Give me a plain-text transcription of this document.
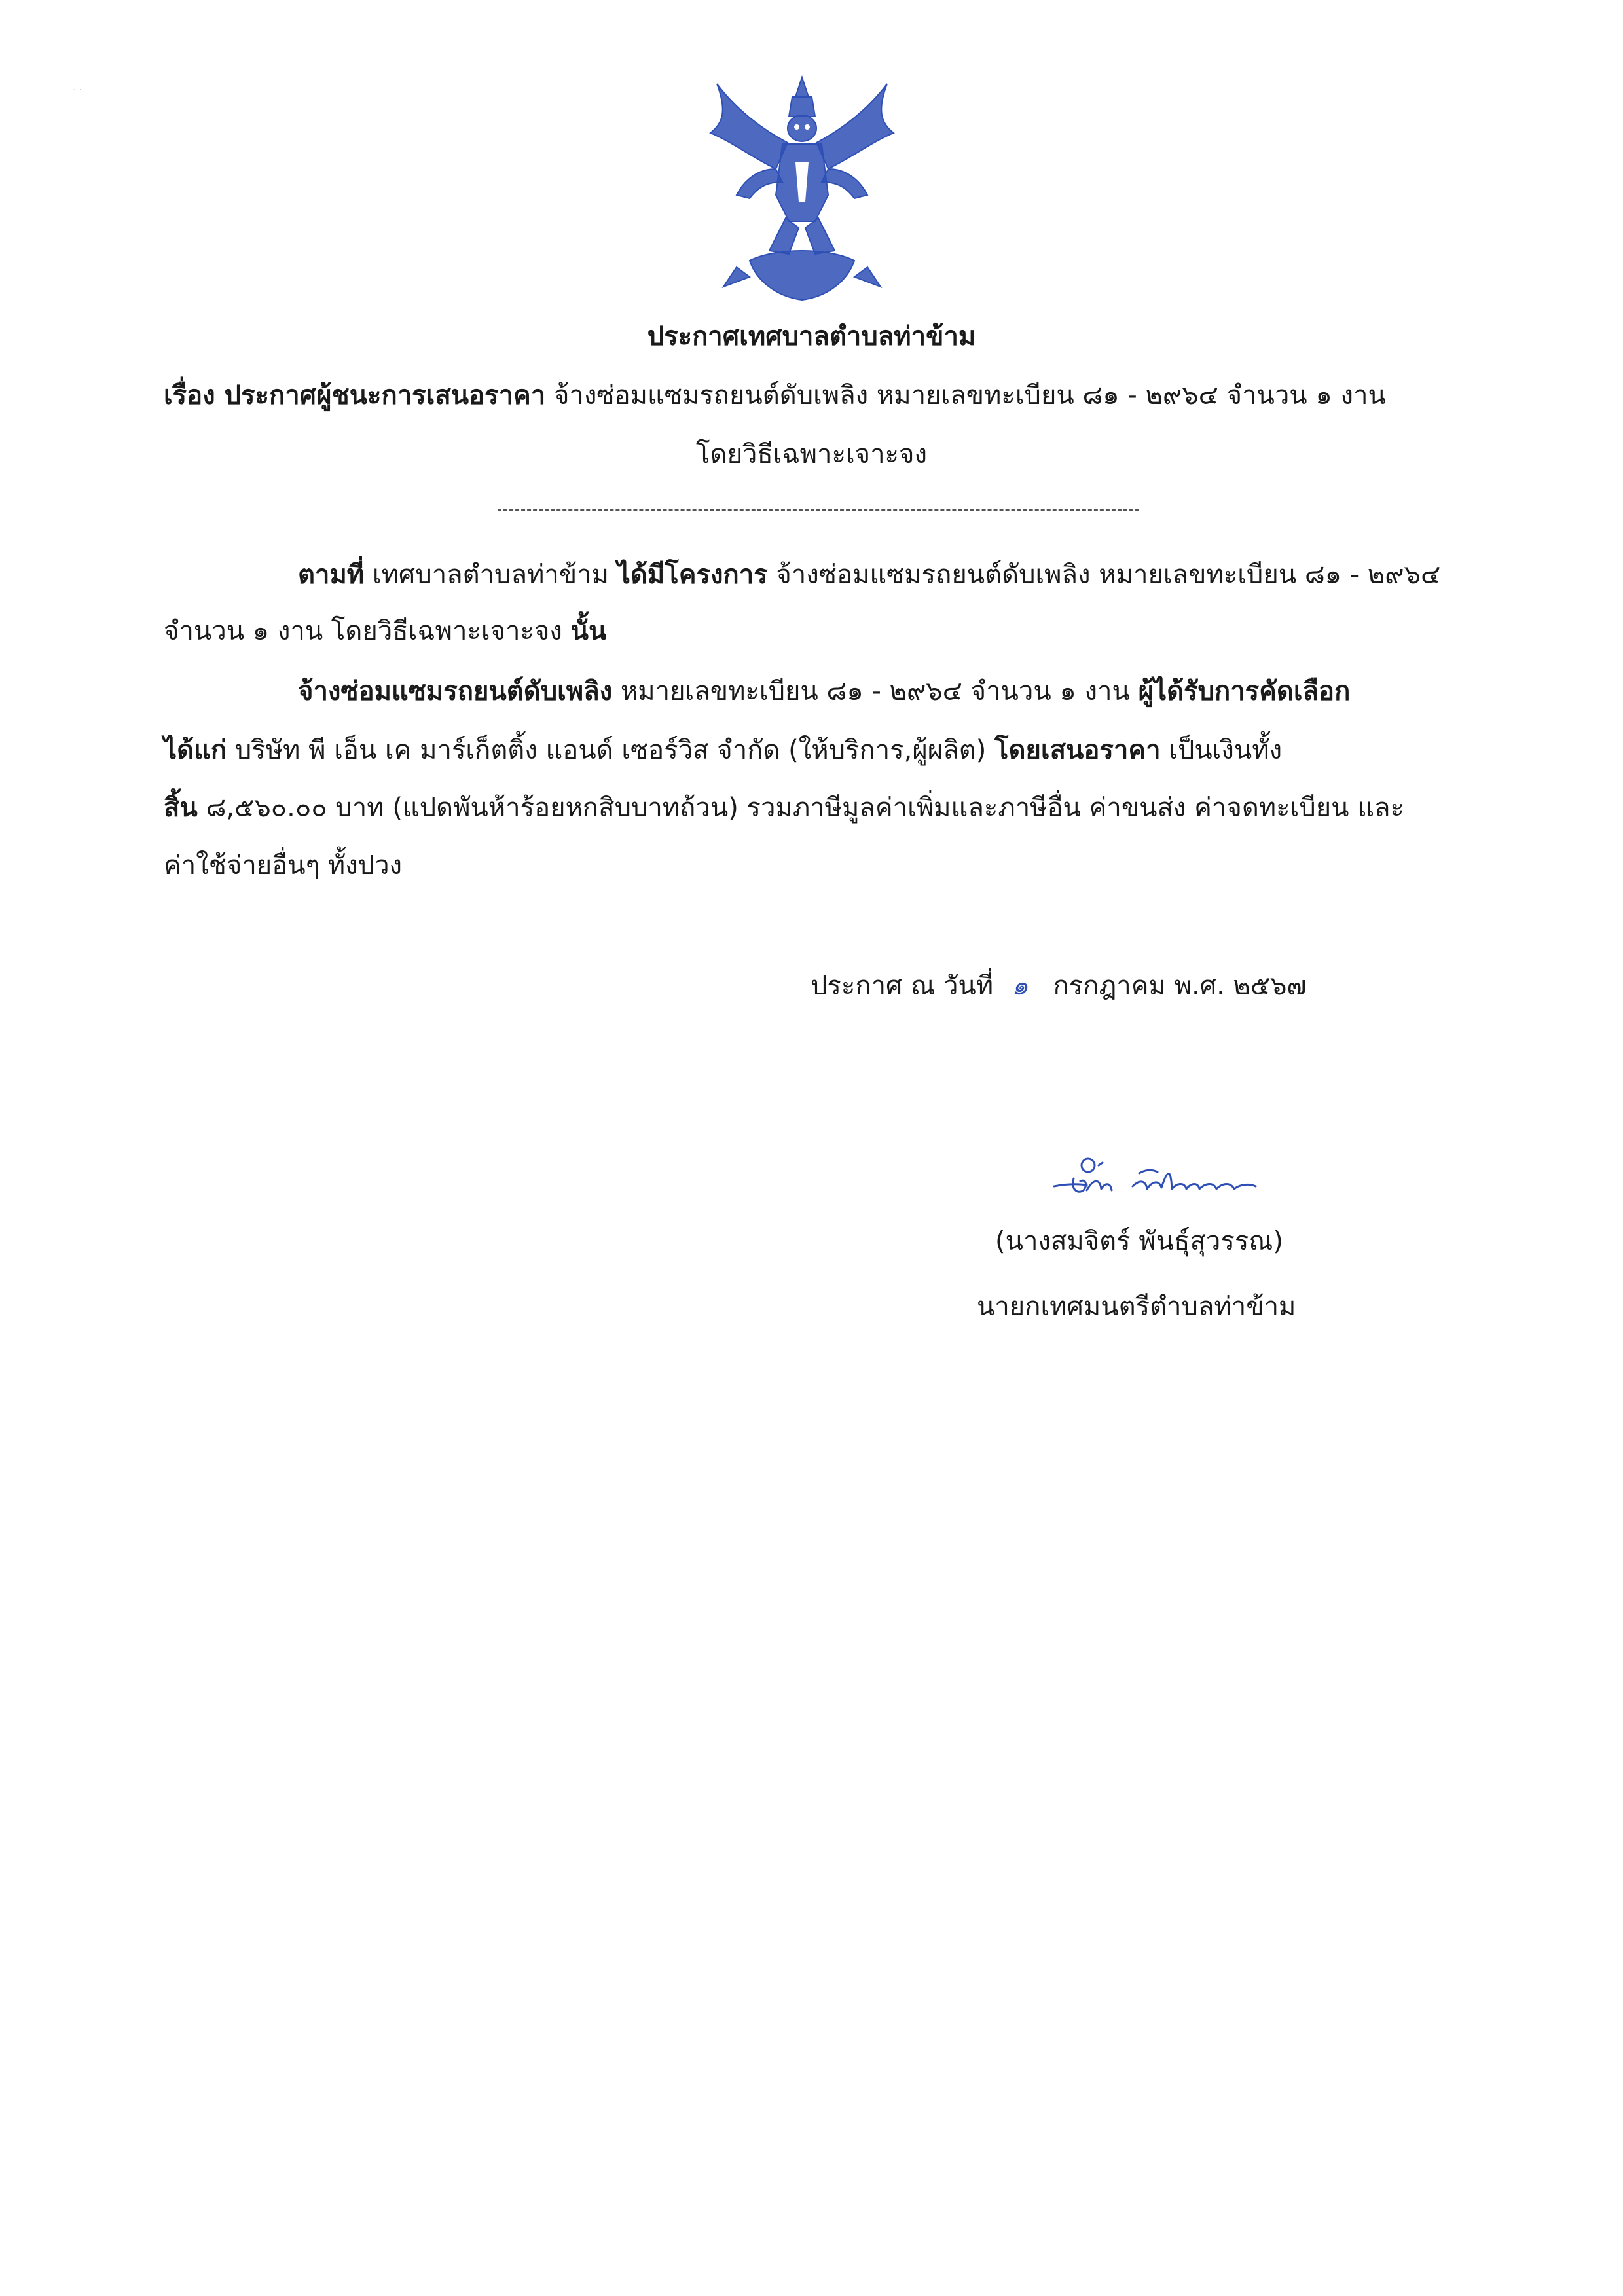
· ·
ประกาศเทศบาลตำบลท่าข้าม
เรื่อง ประกาศผู้ชนะการเสนอราคา จ้างซ่อมแซมรถยนต์ดับเพลิง หมายเลขทะเบียน ๘๑ - ๒๙๖๔ จำนวน ๑ งาน
โดยวิธีเฉพาะเจาะจง
ตามที่ เทศบาลตำบลท่าข้าม ได้มีโครงการ จ้างซ่อมแซมรถยนต์ดับเพลิง หมายเลขทะเบียน ๘๑ - ๒๙๖๔
จำนวน ๑ งาน โดยวิธีเฉพาะเจาะจง นั้น
จ้างซ่อมแซมรถยนต์ดับเพลิง หมายเลขทะเบียน ๘๑ - ๒๙๖๔ จำนวน ๑ งาน ผู้ได้รับการคัดเลือก
ได้แก่ บริษัท พี เอ็น เค มาร์เก็ตติ้ง แอนด์ เซอร์วิส จำกัด (ให้บริการ,ผู้ผลิต) โดยเสนอราคา เป็นเงินทั้ง
สิ้น ๘,๕๖๐.๐๐ บาท (แปดพันห้าร้อยหกสิบบาทถ้วน) รวมภาษีมูลค่าเพิ่มและภาษีอื่น ค่าขนส่ง ค่าจดทะเบียน และ
ค่าใช้จ่ายอื่นๆ ทั้งปวง
ประกาศ ณ วันที่ ๑ กรกฎาคม พ.ศ. ๒๕๖๗
(นางสมจิตร์ พันธุ์สุวรรณ)
นายกเทศมนตรีตำบลท่าข้าม
